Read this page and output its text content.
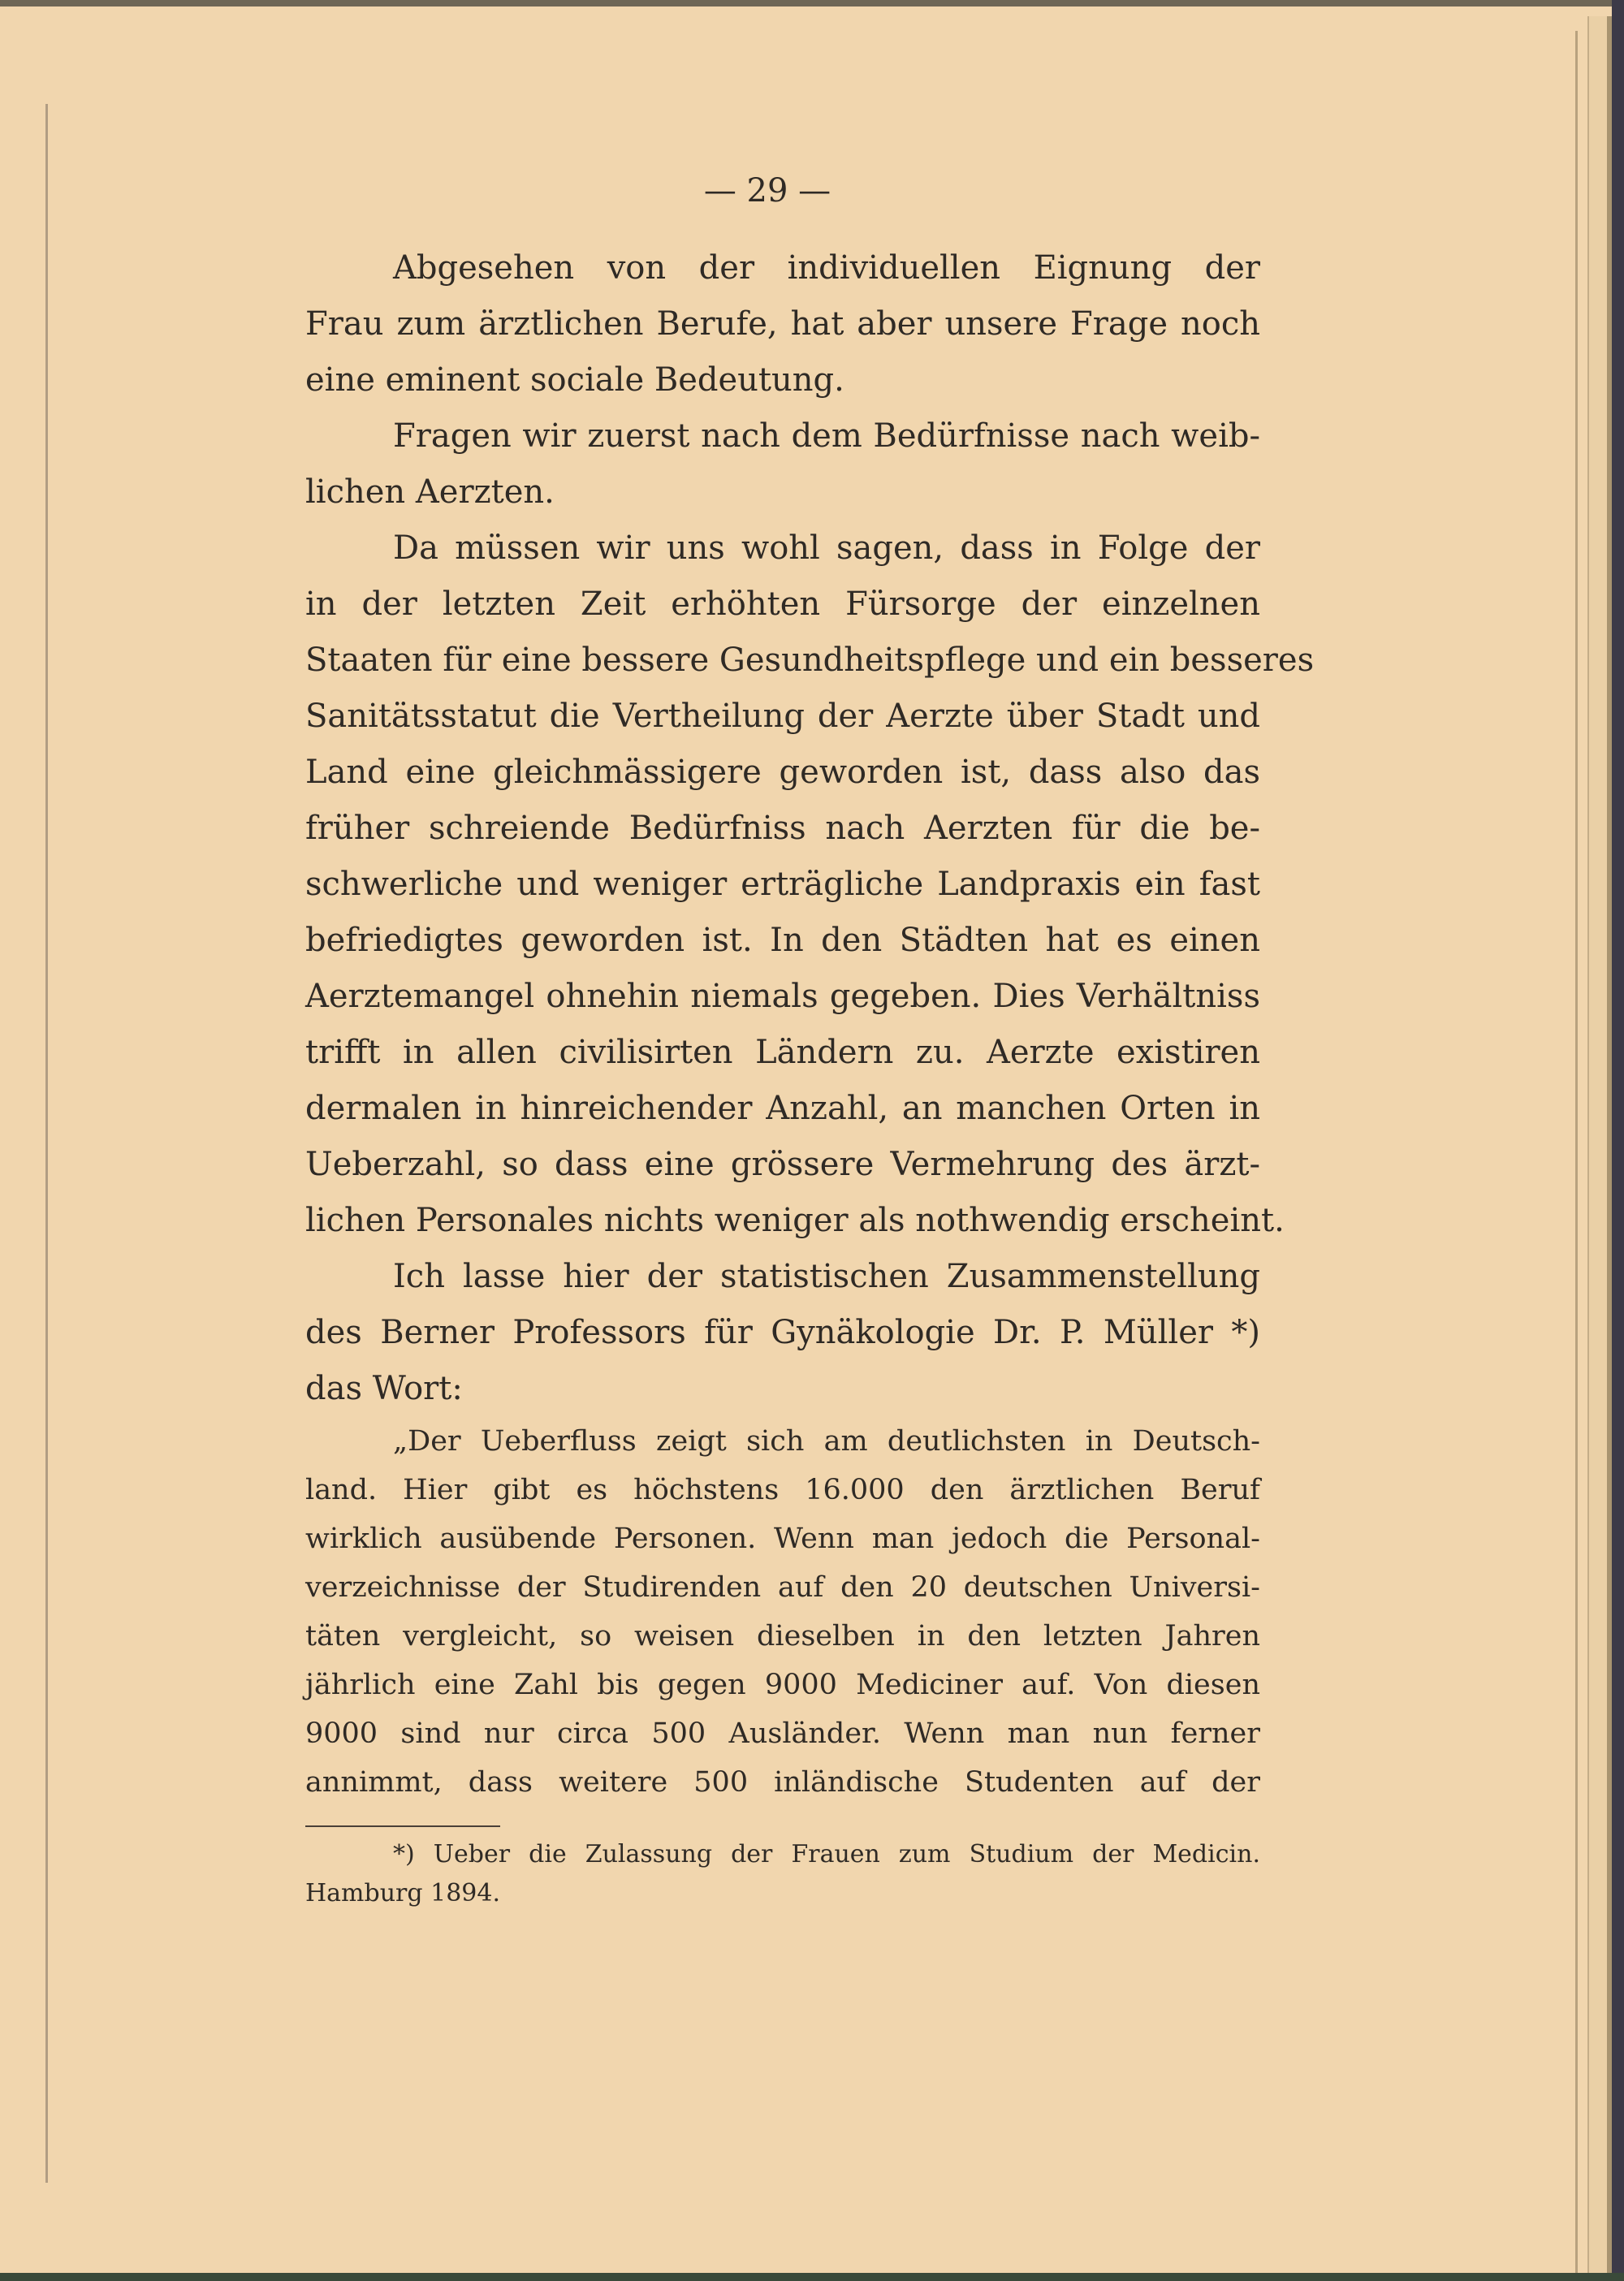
— 29 —
Abgesehen von der individuellen Eignung der
Frau zum ärztlichen Berufe, hat aber unsere Frage noch
eine eminent sociale Bedeutung.
Fragen wir zuerst nach dem Bedürfnisse nach weib-
lichen Aerzten.
Da müssen wir uns wohl sagen, dass in Folge der
in der letzten Zeit erhöhten Fürsorge der einzelnen
Staaten für eine bessere Gesundheitspflege und ein besseres
Sanitätsstatut die Vertheilung der Aerzte über Stadt und
Land eine gleichmässigere geworden ist, dass also das
früher schreiende Bedürfniss nach Aerzten für die be-
schwerliche und weniger erträgliche Landpraxis ein fast
befriedigtes geworden ist. In den Städten hat es einen
Aerztemangel ohnehin niemals gegeben. Dies Verhältniss
trifft in allen civilisirten Ländern zu. Aerzte existiren
dermalen in hinreichender Anzahl, an manchen Orten in
Ueberzahl, so dass eine grössere Vermehrung des ärzt-
lichen Personales nichts weniger als nothwendig erscheint.
Ich lasse hier der statistischen Zusammenstellung
des Berner Professors für Gynäkologie Dr. P. Müller *)
das Wort:
„Der Ueberfluss zeigt sich am deutlichsten in Deutsch-
land. Hier gibt es höchstens 16.000 den ärztlichen Beruf
wirklich ausübende Personen. Wenn man jedoch die Personal-
verzeichnisse der Studirenden auf den 20 deutschen Universi-
täten vergleicht, so weisen dieselben in den letzten Jahren
jährlich eine Zahl bis gegen 9000 Mediciner auf. Von diesen
9000 sind nur circa 500 Ausländer. Wenn man nun ferner
annimmt, dass weitere 500 inländische Studenten auf der
*) Ueber die Zulassung der Frauen zum Studium der Medicin.
Hamburg 1894.
